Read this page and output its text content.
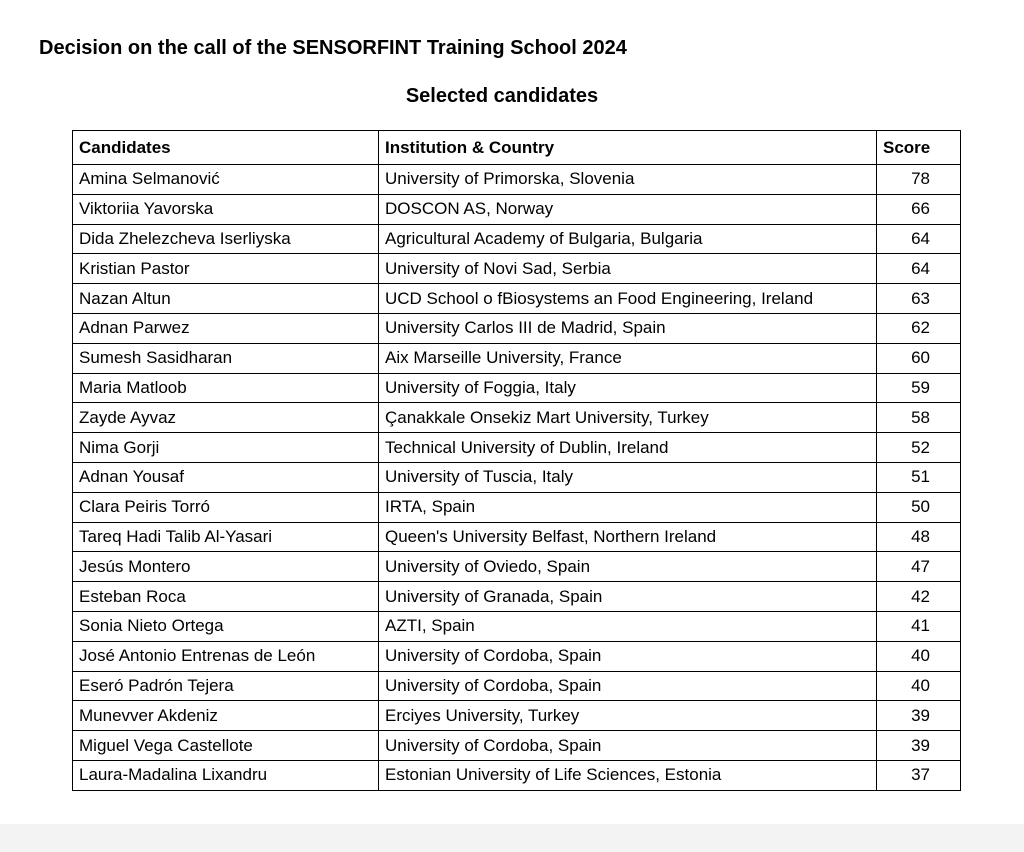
Decision on the call of the SENSORFINT Training School 2024
Selected candidates
Candidates	Institution & Country	Score
Amina Selmanović	University of Primorska, Slovenia	78
Viktoriia Yavorska	DOSCON AS, Norway	66
Dida Zhelezcheva Iserliyska	Agricultural Academy of Bulgaria, Bulgaria	64
Kristian Pastor	University of Novi Sad, Serbia	64
Nazan Altun	UCD School o fBiosystems an Food Engineering, Ireland	63
Adnan Parwez	University Carlos III de Madrid, Spain	62
Sumesh Sasidharan	Aix Marseille University, France	60
Maria Matloob	University of Foggia, Italy	59
Zayde Ayvaz	Çanakkale Onsekiz Mart University, Turkey	58
Nima Gorji	Technical University of Dublin, Ireland	52
Adnan Yousaf	University of Tuscia, Italy	51
Clara Peiris Torró	IRTA, Spain	50
Tareq Hadi Talib Al-Yasari	Queen's University Belfast, Northern Ireland	48
Jesús Montero	University of Oviedo, Spain	47
Esteban Roca	University of Granada, Spain	42
Sonia Nieto Ortega	AZTI, Spain	41
José Antonio Entrenas de León	University of Cordoba, Spain	40
Eseró Padrón Tejera	University of Cordoba, Spain	40
Munevver Akdeniz	Erciyes University, Turkey	39
Miguel Vega Castellote	University of Cordoba, Spain	39
Laura-Madalina Lixandru	Estonian University of Life Sciences, Estonia	37
